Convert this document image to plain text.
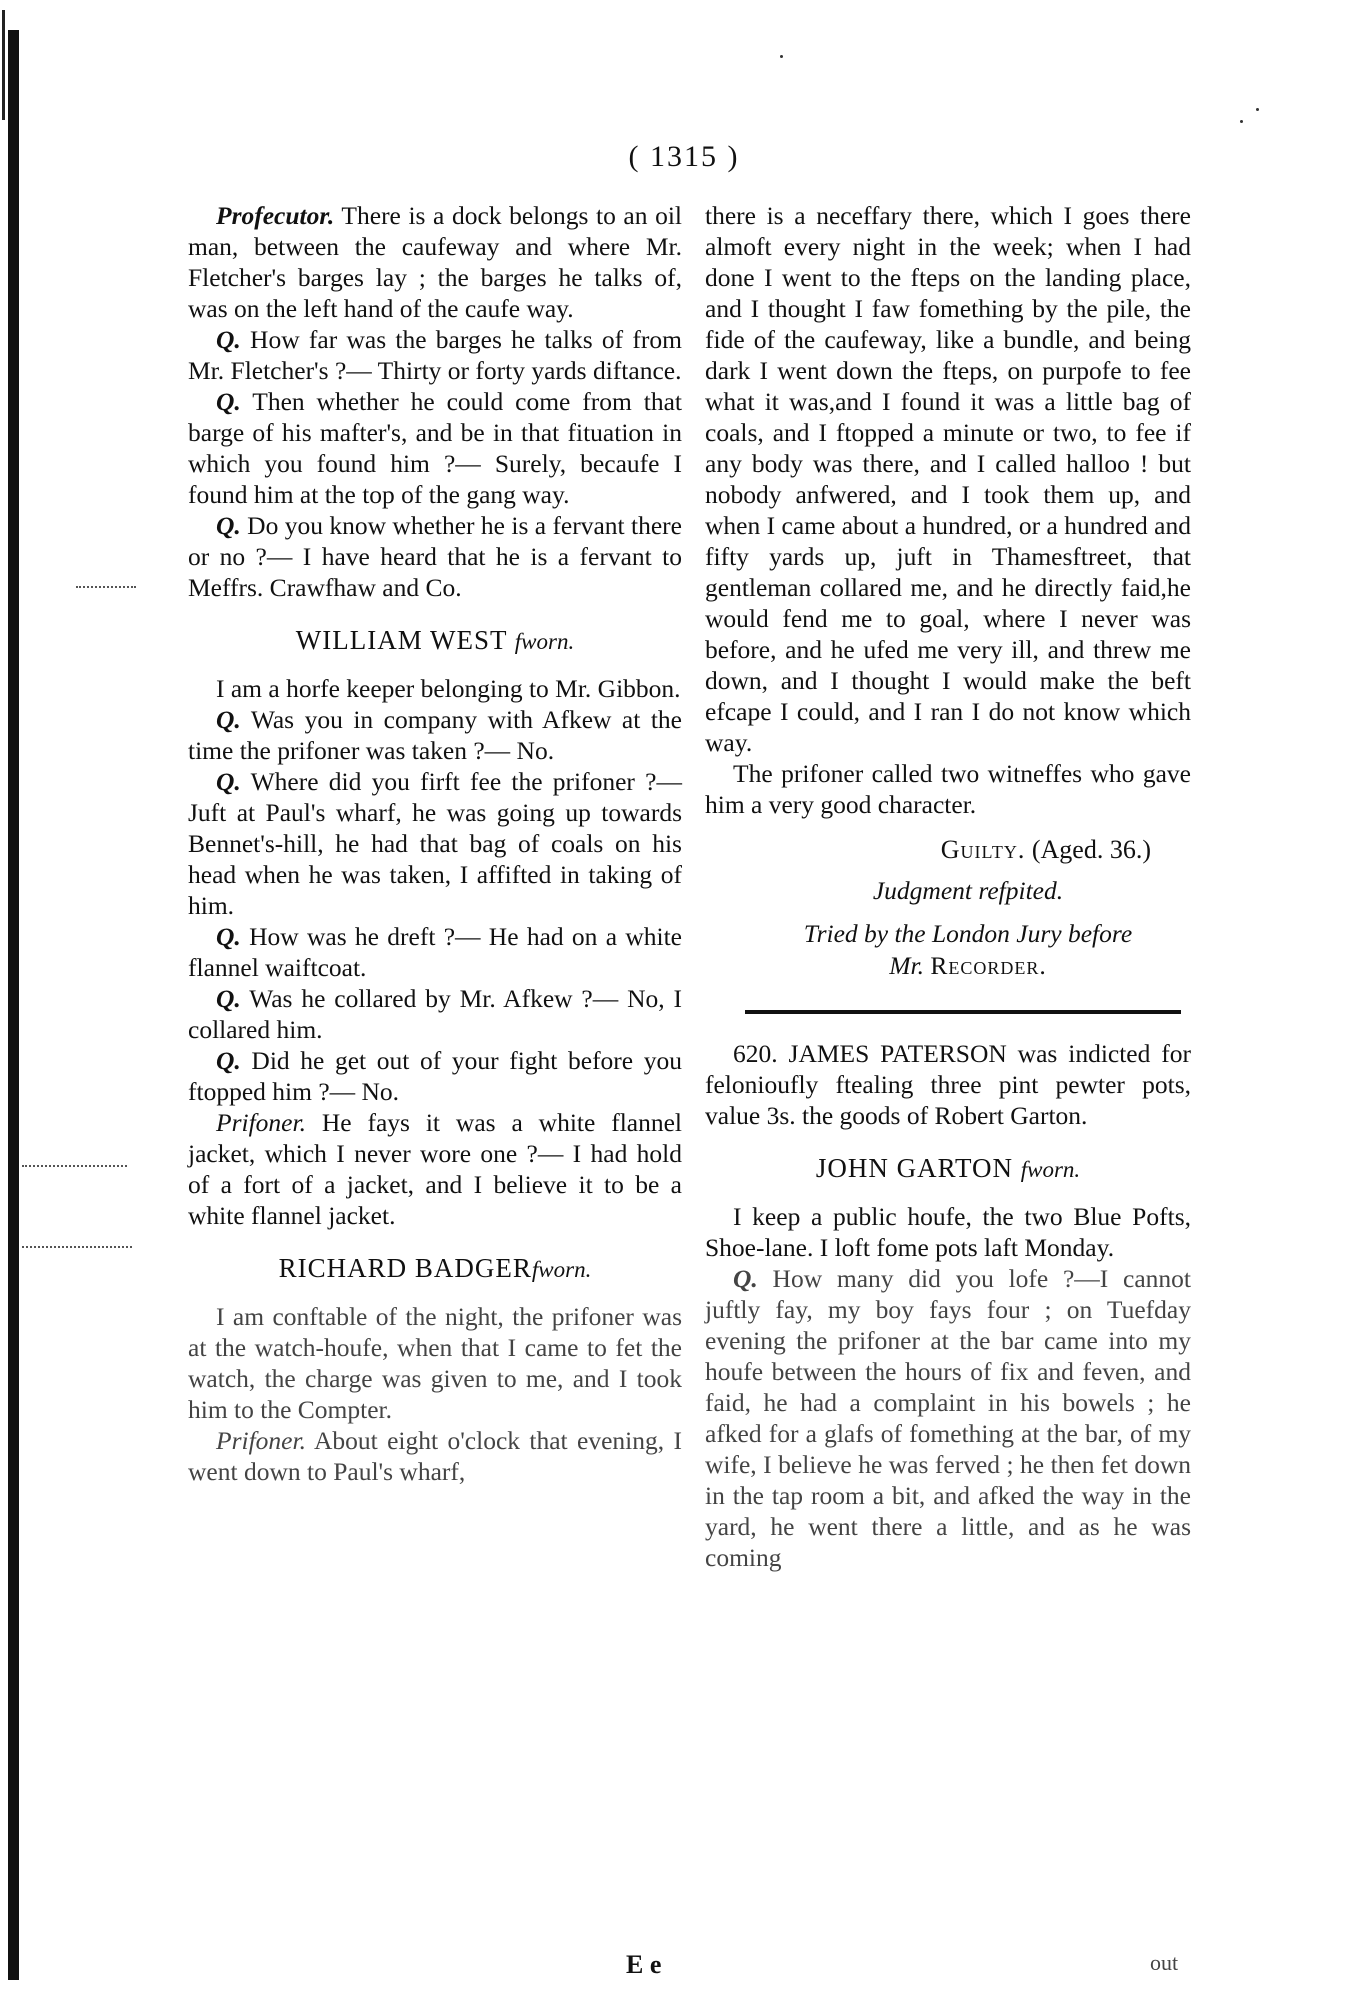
( 1315 )

Profecutor. There is a dock belongs to an oil man, between the caufeway and where Mr. Fletcher's barges lay ; the barges he talks of, was on the left hand of the caufe way.

Q. How far was the barges he talks of from Mr. Fletcher's ?— Thirty or forty yards diftance.

Q. Then whether he could come from that barge of his mafter's, and be in that fituation in which you found him ?— Surely, becaufe I found him at the top of the gang way.

Q. Do you know whether he is a fervant there or no ?— I have heard that he is a fervant to Meffrs. Crawfhaw and Co.

WILLIAM WEST fworn.

I am a horfe keeper belonging to Mr. Gibbon.

Q. Was you in company with Afkew at the time the prifoner was taken ?— No.

Q. Where did you firft fee the prifoner ?—Juft at Paul's wharf, he was going up towards Bennet's-hill, he had that bag of coals on his head when he was taken, I affifted in taking of him.

Q. How was he dreft ?— He had on a white flannel waiftcoat.

Q. Was he collared by Mr. Afkew ?— No, I collared him.

Q. Did he get out of your fight before you ftopped him ?— No.

Prifoner. He fays it was a white flannel jacket, which I never wore one ?— I had hold of a fort of a jacket, and I believe it to be a white flannel jacket.

RICHARD BADGERfworn.

I am conftable of the night, the prifoner was at the watch-houfe, when that I came to fet the watch, the charge was given to me, and I took him to the Compter.

Prifoner. About eight o'clock that evening, I went down to Paul's wharf,

E e

there is a neceffary there, which I goes there almoft every night in the week; when I had done I went to the fteps on the landing place, and I thought I faw fomething by the pile, the fide of the caufeway, like a bundle, and being dark I went down the fteps, on purpofe to fee what it was,and I found it was a little bag of coals, and I ftopped a minute or two, to fee if any body was there, and I called halloo ! but nobody anfwered, and I took them up, and when I came about a hundred, or a hundred and fifty yards up, juft in Thamesftreet, that gentleman collared me, and he directly faid,he would fend me to goal, where I never was before, and he ufed me very ill, and threw me down, and I thought I would make the beft efcape I could, and I ran I do not know which way.

The prifoner called two witneffes who gave him a very good character.

Guilty. (Aged. 36.)

Judgment refpited.

Tried by the London Jury before
Mr. Recorder.

620. JAMES PATERSON was indicted for felonioufly ftealing three pint pewter pots, value 3s. the goods of Robert Garton.

JOHN GARTON fworn.

I keep a public houfe, the two Blue Pofts, Shoe-lane. I loft fome pots laft Monday.

Q. How many did you lofe ?—I cannot juftly fay, my boy fays four ; on Tuefday evening the prifoner at the bar came into my houfe between the hours of fix and feven, and faid, he had a complaint in his bowels ; he afked for a glafs of fomething at the bar, of my wife, I believe he was ferved ; he then fet down in the tap room a bit, and afked the way in the yard, he went there a little, and as he was coming

out
